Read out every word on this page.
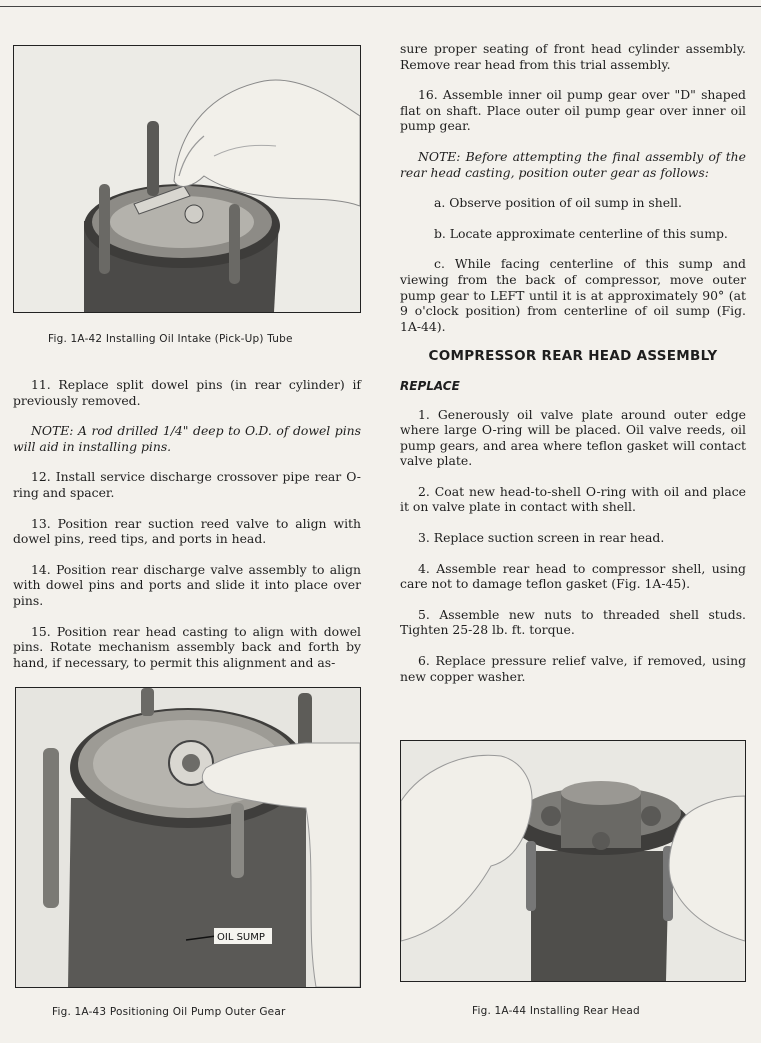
Fig. 1A-42 Installing Oil Intake (Pick-Up) Tube

11. Replace split dowel pins (in rear cylinder) if previously removed.

NOTE: A rod drilled 1/4" deep to O.D. of dowel pins will aid in installing pins.

12. Install service discharge crossover pipe rear O-ring and spacer.

13. Position rear suction reed valve to align with dowel pins, reed tips, and ports in head.

14. Position rear discharge valve assembly to align with dowel pins and ports and slide it into place over pins.

15. Position rear head casting to align with dowel pins. Rotate mechanism assembly back and forth by hand, if necessary, to permit this alignment and as-

OIL SUMP
Fig. 1A-43 Positioning Oil Pump Outer Gear

sure proper seating of front head cylinder assembly. Remove rear head from this trial assembly.

16. Assemble inner oil pump gear over "D" shaped flat on shaft. Place outer oil pump gear over inner oil pump gear.

NOTE: Before attempting the final assembly of the rear head casting, position outer gear as follows:

a. Observe position of oil sump in shell.

b. Locate approximate centerline of this sump.

c. While facing centerline of this sump and viewing from the back of compressor, move outer pump gear to LEFT until it is at approximately 90° (at 9 o'clock position) from centerline of oil sump (Fig. 1A-44).

COMPRESSOR REAR HEAD ASSEMBLY
REPLACE

1. Generously oil valve plate around outer edge where large O-ring will be placed. Oil valve reeds, oil pump gears, and area where teflon gasket will contact valve plate.

2. Coat new head-to-shell O-ring with oil and place it on valve plate in contact with shell.

3. Replace suction screen in rear head.

4. Assemble rear head to compressor shell, using care not to damage teflon gasket (Fig. 1A-45).

5. Assemble new nuts to threaded shell studs. Tighten 25-28 lb. ft. torque.

6. Replace pressure relief valve, if removed, using new copper washer.

Fig. 1A-44 Installing Rear Head
